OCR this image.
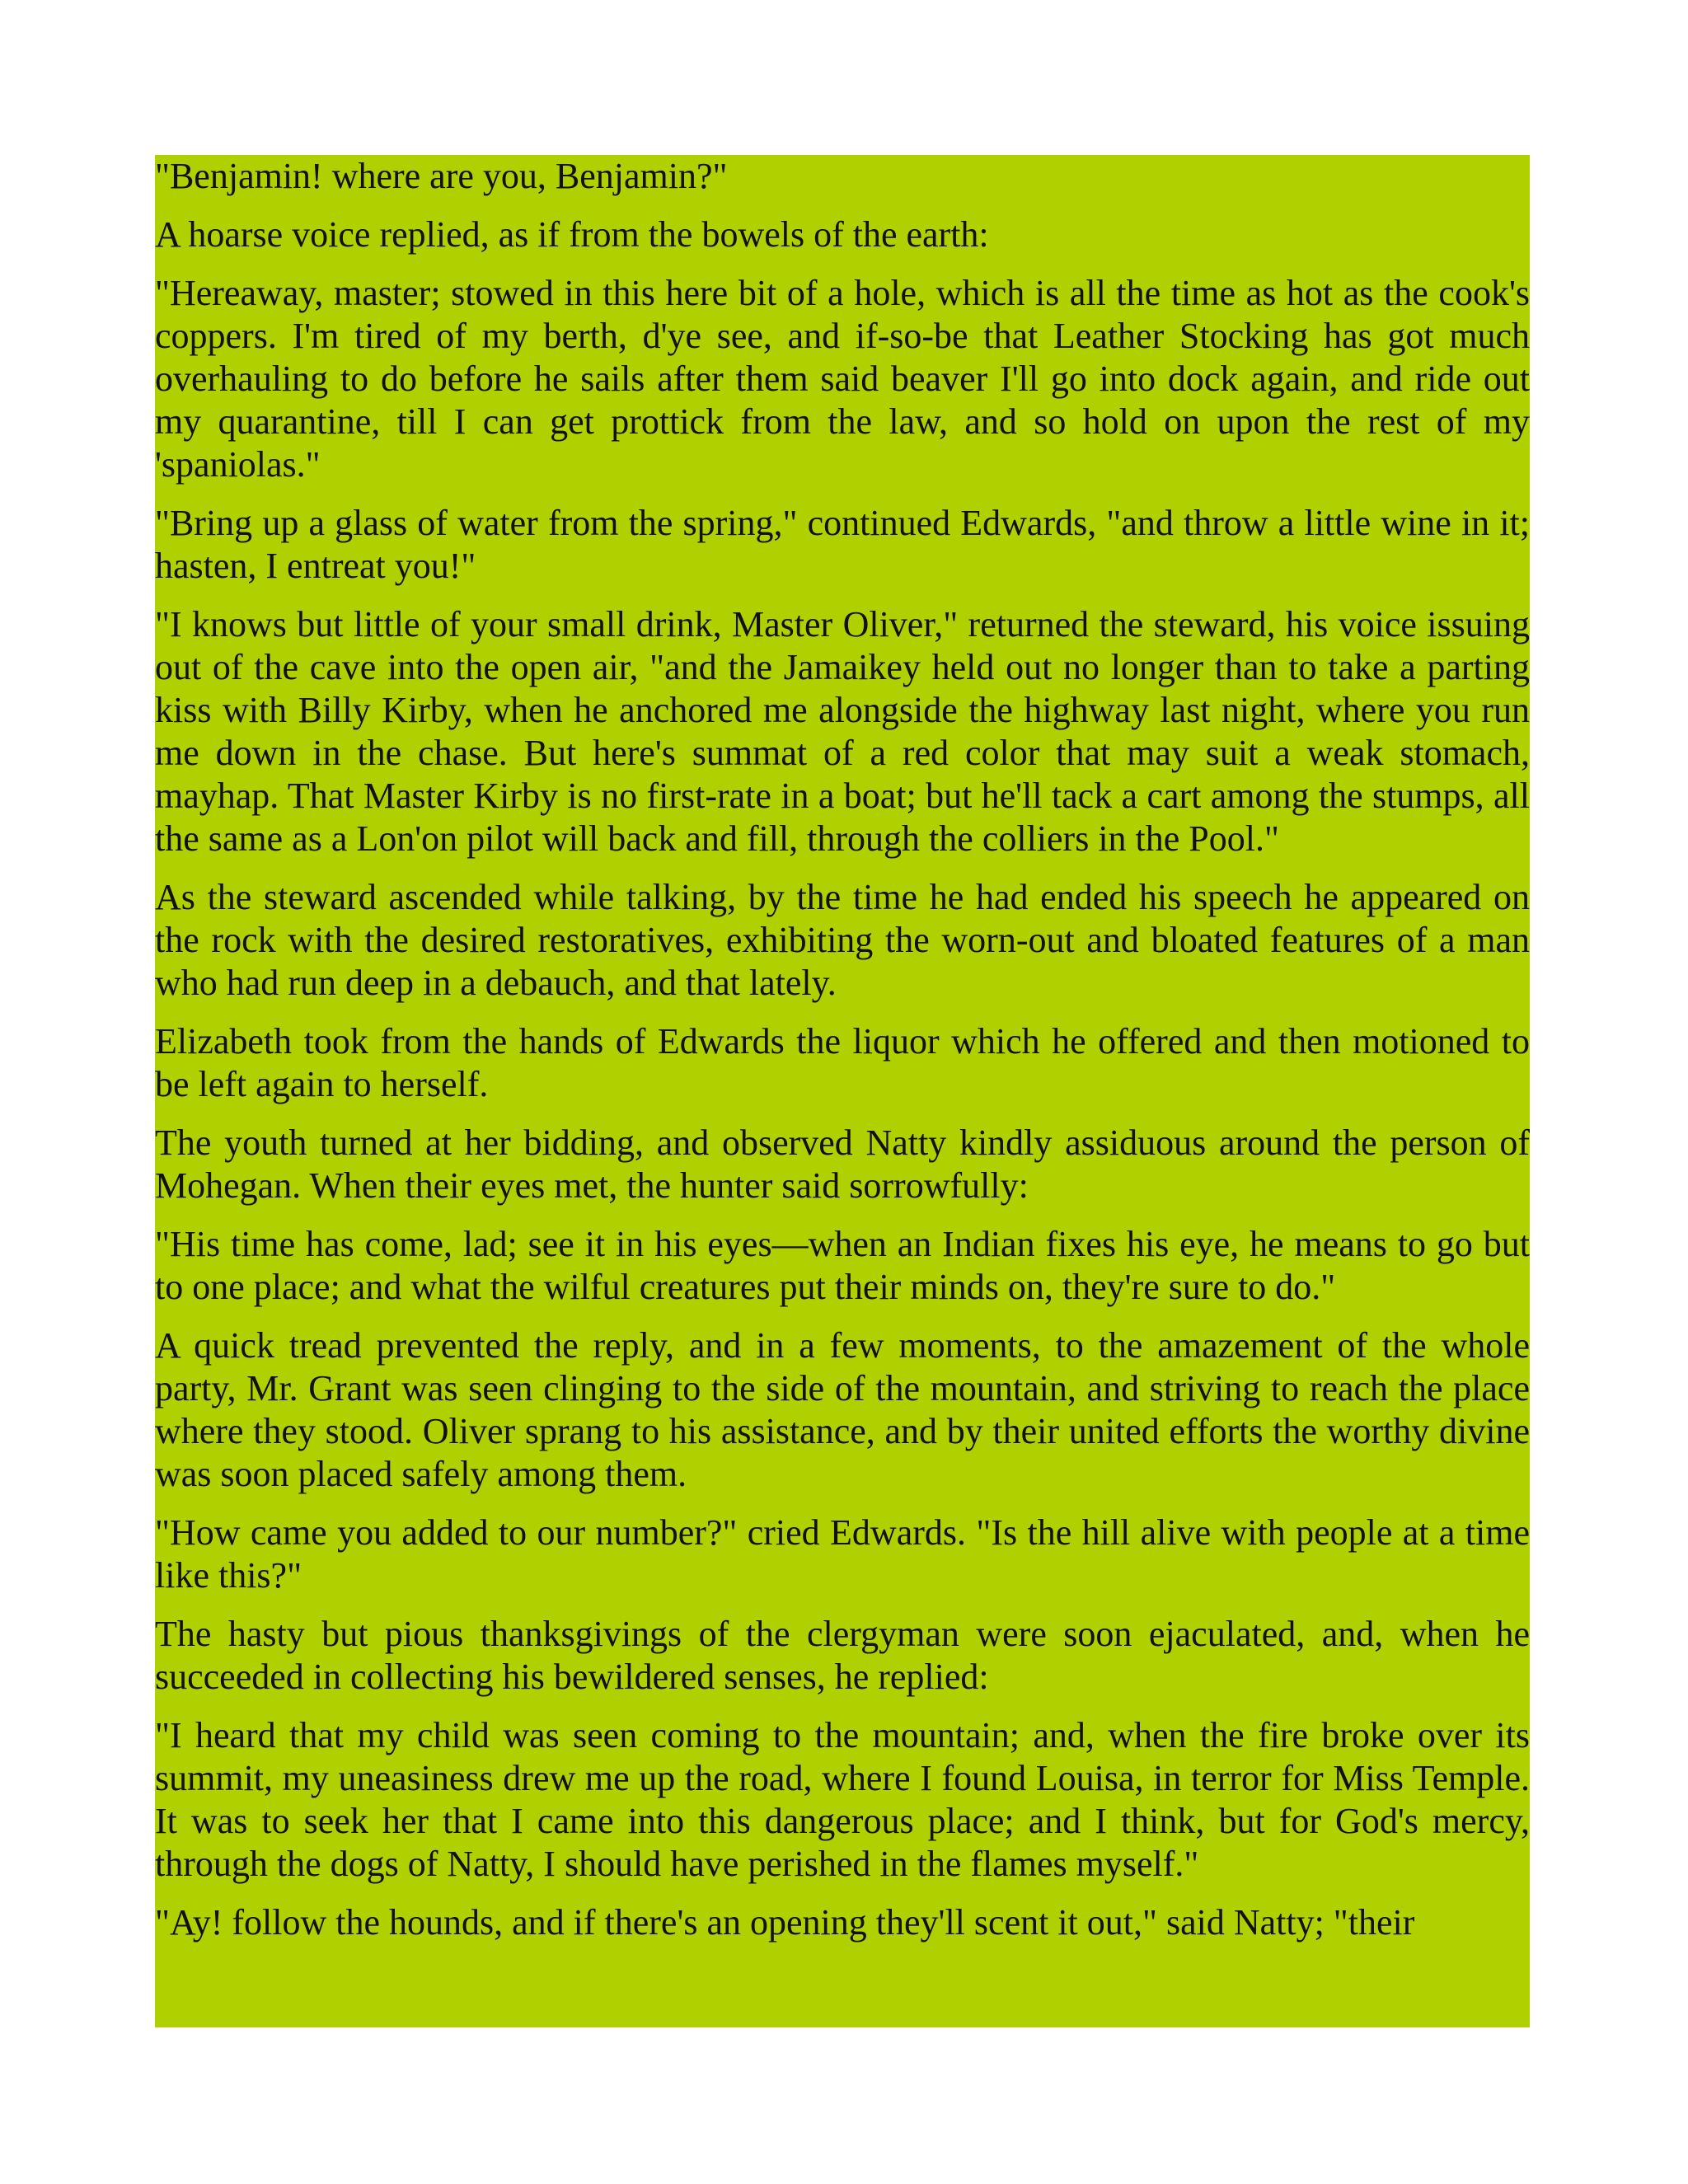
"Benjamin! where are you, Benjamin?"

A hoarse voice replied, as if from the bowels of the earth:

"Hereaway, master; stowed in this here bit of a hole, which is all the time as hot as the cook's coppers. I'm tired of my berth, d'ye see, and if-so-be that Leather Stocking has got much overhauling to do before he sails after them said beaver I'll go into dock again, and ride out my quarantine, till I can get prottick from the law, and so hold on upon the rest of my 'spaniolas."

"Bring up a glass of water from the spring," continued Edwards, "and throw a little wine in it; hasten, I entreat you!"

"I knows but little of your small drink, Master Oliver," returned the steward, his voice issuing out of the cave into the open air, "and the Jamaikey held out no longer than to take a parting kiss with Billy Kirby, when he anchored me alongside the highway last night, where you run me down in the chase. But here's summat of a red color that may suit a weak stomach, mayhap. That Master Kirby is no first-rate in a boat; but he'll tack a cart among the stumps, all the same as a Lon'on pilot will back and fill, through the colliers in the Pool."

As the steward ascended while talking, by the time he had ended his speech he appeared on the rock with the desired restoratives, exhibiting the worn-out and bloated features of a man who had run deep in a debauch, and that lately.

Elizabeth took from the hands of Edwards the liquor which he offered and then motioned to be left again to herself.

The youth turned at her bidding, and observed Natty kindly assiduous around the person of Mohegan. When their eyes met, the hunter said sorrowfully:

"His time has come, lad; see it in his eyes—when an Indian fixes his eye, he means to go but to one place; and what the wilful creatures put their minds on, they're sure to do."

A quick tread prevented the reply, and in a few moments, to the amazement of the whole party, Mr. Grant was seen clinging to the side of the mountain, and striving to reach the place where they stood. Oliver sprang to his assistance, and by their united efforts the worthy divine was soon placed safely among them.

"How came you added to our number?" cried Edwards. "Is the hill alive with people at a time like this?"

The hasty but pious thanksgivings of the clergyman were soon ejaculated, and, when he succeeded in collecting his bewildered senses, he replied:

"I heard that my child was seen coming to the mountain; and, when the fire broke over its summit, my uneasiness drew me up the road, where I found Louisa, in terror for Miss Temple. It was to seek her that I came into this dangerous place; and I think, but for God's mercy, through the dogs of Natty, I should have perished in the flames myself."

"Ay! follow the hounds, and if there's an opening they'll scent it out," said Natty; "their
